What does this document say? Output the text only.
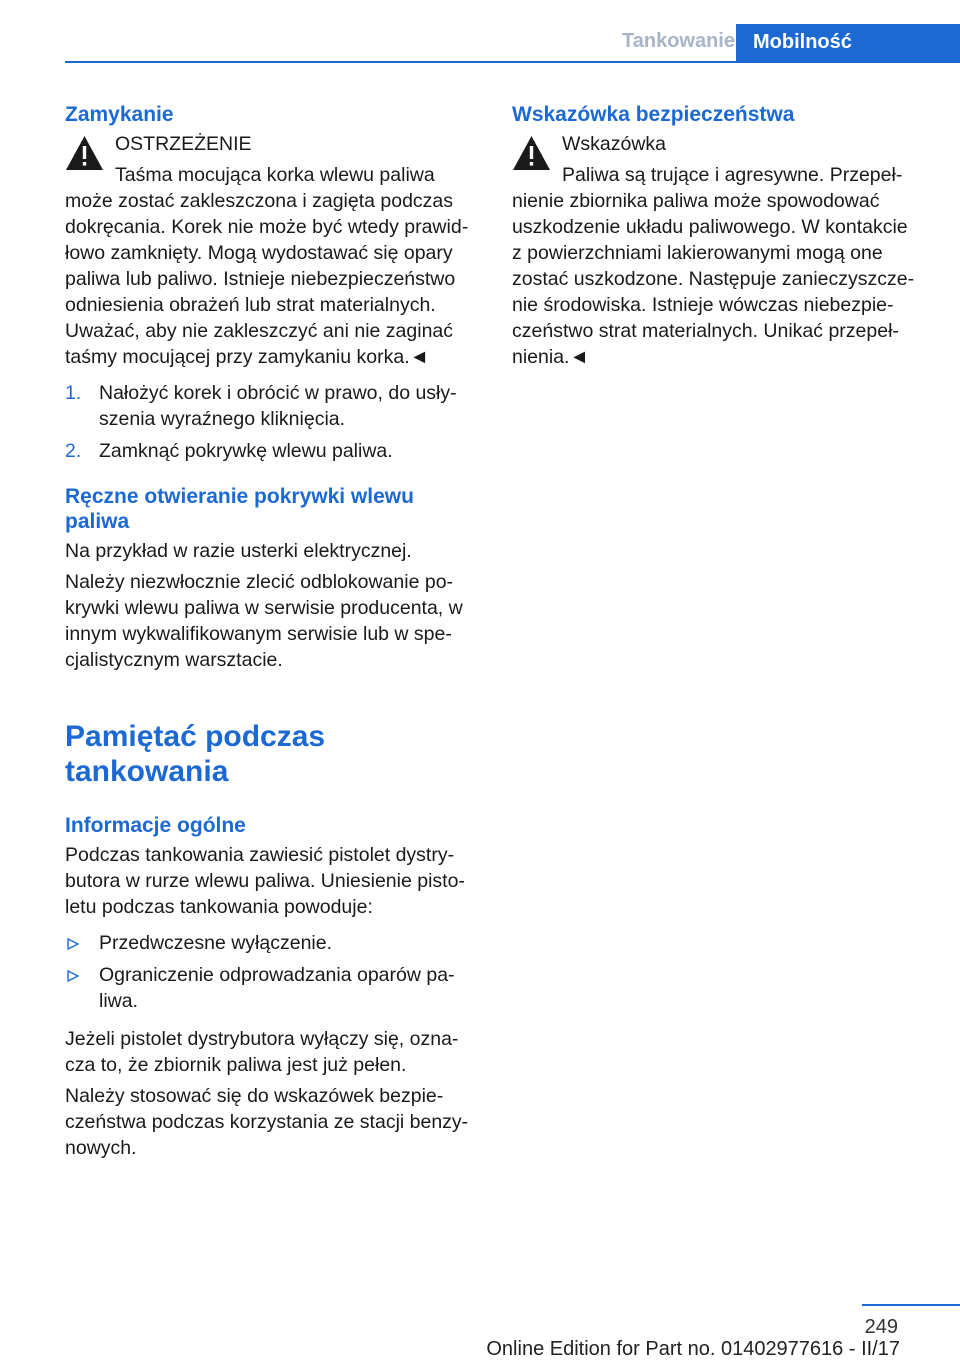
Tankowanie Mobilność
Zamykanie
OSTRZEŻENIE
Taśma mocująca korka wlewu paliwa
może zostać zakleszczona i zagięta podczas
dokręcania. Korek nie może być wtedy prawid-
łowo zamknięty. Mogą wydostawać się opary
paliwa lub paliwo. Istnieje niebezpieczeństwo
odniesienia obrażeń lub strat materialnych.
Uważać, aby nie zakleszczyć ani nie zaginać
taśmy mocującej przy zamykaniu korka.◄
1. Nałożyć korek i obrócić w prawo, do usły-szenia wyraźnego kliknięcia.
2. Zamknąć pokrywkę wlewu paliwa.
Ręczne otwieranie pokrywki wlewu paliwa

Na przykład w razie usterki elektrycznej.

Należy niezwłocznie zlecić odblokowanie po-krywki wlewu paliwa w serwisie producenta, w innym wykwalifikowanym serwisie lub w spe-cjalistycznym warsztacie.

Pamiętać podczas tankowania
Informacje ogólne

Podczas tankowania zawiesić pistolet dystry-butora w rurze wlewu paliwa. Uniesienie pisto-letu podczas tankowania powoduje:

Przedwczesne wyłączenie.
Ograniczenie odprowadzania oparów pa-liwa.

Jeżeli pistolet dystrybutora wyłączy się, ozna-cza to, że zbiornik paliwa jest już pełen.

Należy stosować się do wskazówek bezpie-czeństwa podczas korzystania ze stacji benzy-nowych.

Wskazówka bezpieczeństwa
Wskazówka
Paliwa są trujące i agresywne. Przepeł-
nienie zbiornika paliwa może spowodować
uszkodzenie układu paliwowego. W kontakcie
z powierzchniami lakierowanymi mogą one
zostać uszkodzone. Następuje zanieczyszcze-
nie środowiska. Istnieje wówczas niebezpie-
czeństwo strat materialnych. Unikać przepeł-
nienia.◄
249
Online Edition for Part no. 01402977616 - II/17
